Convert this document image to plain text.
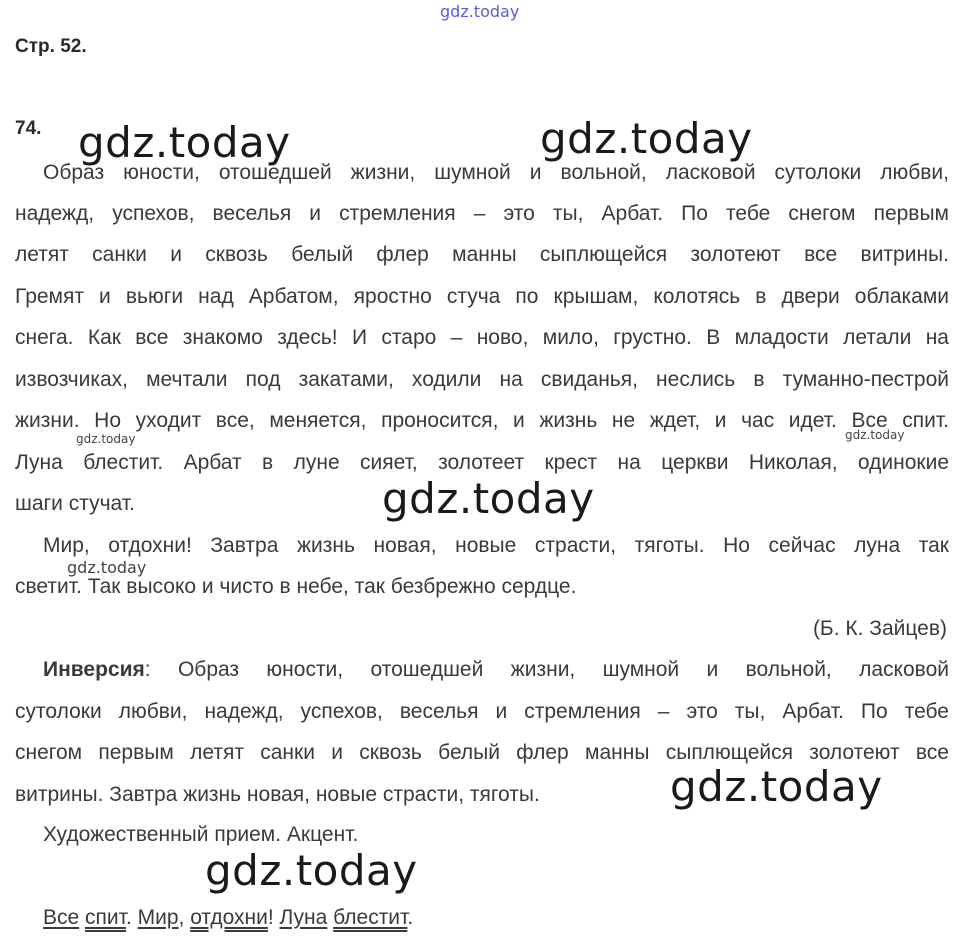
gdz.today
gdz.today	gdz.today
gdz.today	gdz.today
gdz.today
gdz.today
gdz.today
gdz.today
Стр. 52.
74.
Образ юности, отошедшей жизни, шумной и вольной, ласковой сутолоки любви,
надежд, успехов, веселья и стремления – это ты, Арбат. По тебе снегом первым
летят санки и сквозь белый флер манны сыплющейся золотеют все витрины.
Гремят и вьюги над Арбатом, яростно стуча по крышам, колотясь в двери облаками
снега. Как все знакомо здесь! И старо – ново, мило, грустно. В младости летали на
извозчиках, мечтали под закатами, ходили на свиданья, неслись в туманно-пестрой
жизни. Но уходит все, меняется, проносится, и жизнь не ждет, и час идет. Все спит.
Луна блестит. Арбат в луне сияет, золотеет крест на церкви Николая, одинокие
шаги стучат.
Мир, отдохни! Завтра жизнь новая, новые страсти, тяготы. Но сейчас луна так
светит. Так высоко и чисто в небе, так безбрежно сердце.
(Б. К. Зайцев)
Инверсия: Образ юности, отошедшей жизни, шумной и вольной, ласковой
сутолоки любви, надежд, успехов, веселья и стремления – это ты, Арбат. По тебе
снегом первым летят санки и сквозь белый флер манны сыплющейся золотеют все
витрины. Завтра жизнь новая, новые страсти, тяготы.
Художественный прием. Акцент.
Все спит. Мир, отдохни! Луна блестит.
